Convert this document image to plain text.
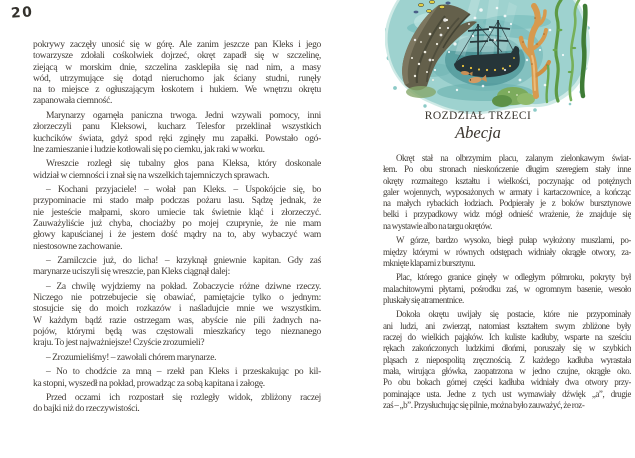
20
pokrywy zaczęły unosić się w górę. Ale zanim jeszcze pan Kleks i jego
towarzysze zdołali cośkolwiek dojrzeć, okręt zapadł się w szczelinę,
ziejącą w morskim dnie, szczelina zasklepiła się nad nim, a masy
wód, utrzymujące się dotąd nieruchomo jak ściany studni, runęły
na to miejsce z ogłuszającym łoskotem i hukiem. We wnętrzu okrętu
zapanowała ciemność.
Marynarzy ogarnęła paniczna trwoga. Jedni wzywali pomocy, inni
złorzeczyli panu Kleksowi, kucharz Telesfor przeklinał wszystkich
kuchcików świata, gdyż spod ręki zginęły mu zapałki. Powstało ogó-
lne zamieszanie i ludzie kotłowali się po ciemku, jak raki w worku.
Wreszcie rozległ się tubalny głos pana Kleksa, który doskonale
widział w ciemności i znał się na wszelkich tajemniczych sprawach.
– Kochani przyjaciele! – wołał pan Kleks. – Uspokójcie się, bo
przypominacie mi stado małp podczas pożaru lasu. Sądzę jednak, że
nie jesteście małpami, skoro umiecie tak świetnie kląć i złorzeczyć.
Zauważyliście już chyba, chociażby po mojej czuprynie, że nie mam
głowy kapuścianej i że jestem dość mądry na to, aby wybaczyć wam
niestosowne zachowanie.
– Zamilczcie już, do licha! – krzyknął gniewnie kapitan. Gdy zaś
marynarze uciszyli się wreszcie, pan Kleks ciągnął dalej:
– Za chwilę wyjdziemy na pokład. Zobaczycie różne dziwne rzeczy.
Niczego nie potrzebujecie się obawiać, pamiętajcie tylko o jednym:
stosujcie się do moich rozkazów i naśladujcie mnie we wszystkim.
W każdym bądź razie ostrzegam was, abyście nie pili żadnych na-
pojów, którymi będą was częstowali mieszkańcy tego nieznanego
kraju. To jest najważniejsze! Czyście zrozumieli?
– Zrozumieliśmy! – zawołali chórem marynarze.
– No to chodźcie za mną – rzekł pan Kleks i przeskakując po kil-
ka stopni, wyszedł na pokład, prowadząc za sobą kapitana i załogę.
Przed oczami ich rozpostarł się rozległy widok, zbliżony raczej
do bajki niż do rzeczywistości.
ROZDZIAŁ TRZECI
Abecja
Okręt stał na olbrzymim placu, zalanym zielonkawym świat-
łem. Po obu stronach nieskończenie długim szeregiem stały inne
okręty rozmaitego kształtu i wielkości, poczynając od potężnych
galer wojennych, wyposażonych w armaty i kartaczownice, a kończąc
na małych rybackich łodziach. Podpierały je z boków bursztynowe
belki i przypadkowy widz mógł odnieść wrażenie, że znajduje się
na wystawie albo na targu okrętów.
W górze, bardzo wysoko, biegł pułap wyłożony muszlami, po-
między którymi w równych odstępach widniały okrągłe otwory, za-
mknięte klapami z bursztynu.
Plac, którego granice ginęły w odległym półmroku, pokryty był
malachitowymi płytami, pośrodku zaś, w ogromnym basenie, wesoło
pluskały się atramentnice.
Dokoła okrętu uwijały się postacie, które nie przypominały
ani ludzi, ani zwierząt, natomiast kształtem swym zbliżone były
raczej do wielkich pająków. Ich kuliste kadłuby, wsparte na sześciu
rękach zakończonych ludzkimi dłońmi, poruszały się w szybkich
pląsach z niepospolitą zręcznością. Z każdego kadłuba wyrastała
mała, wirująca główka, zaopatrzona w jedno czujne, okrągłe oko.
Po obu bokach górnej części kadłuba widniały dwa otwory przy-
pominające usta. Jedne z tych ust wymawiały dźwięk „a”, drugie
zaś – „b”. Przysłuchując się pilnie, można było zauważyć, że roz-
